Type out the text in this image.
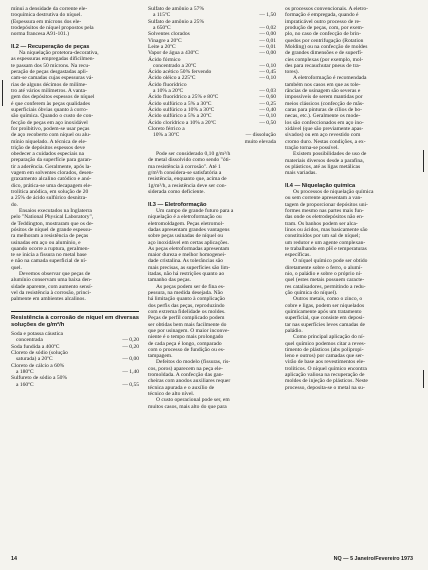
mínui a densidade da corrente ele-
troquímica destrutiva do níquel.
(Espessura em mícrons dos ele-
trodepósitos de níquel propostos pela
norma francesa A91-101.)

II.2 — Recuperação de peças

Na niquelação protetora-decorativa,
as espessuras empregadas dificilmen-
te passam dos 50 mícrons. Na recu-
peração de peças desgastadas apli-
cam-se camadas cujas espessuras vá-
rias de alguns décimos de milíme-
tro até vários milímetros. A vanta-
gem dos depósitos espessos de níquel
é que conferem às peças qualidades
superficiais óbvias quanto à corro-
são química. Quando o custo de con-
fecção de peças em aço inoxidável
for proibitivo, podem-se usar peças
de aço recoberto com níquel ou alu-
mínio niquelado. A técnica de ele-
trição de depósitos espessos deve
obedecer a cuidados especiais na
preparação da superfície para garan-
tir a aderência. Geralmente, após la-
vagem em solventes clorados, desen-
graxamento alcalino catódico e anó-
dico, prática-se uma decapagem ele-
trolítica anódica, em solução de 20
a 25% de ácido sulfúrico desnitra-
do.
Ensaios executados na Inglaterra
pelo "National Physical Laboratory",
de Teddington, mostraram que os de-
pósitos de níquel de grande espessu-
ra melhoram a resistência de peças
usinadas em aço ou alumínio, e
quando ocorre a ruptura, geralmen-
te se inicia a fissura no metal base
e não na camada superficial de ní-
quel.
Devemos observar que peças de
alumínio conservam uma baixa den-
sidade aparente, com aumento sensí-
vel da resistência à corrosão, princi-
palmente em ambientes alcalinos.
Resistência à corrosão de níquel em diversas soluções de g/m²/h
Soda e potassa cáustica
concentrada	— 0,20
Soda fundida a 400ºC	— 0,20
Cloreto de sódio (solução
saturada) a 20ºC	— 0,00
Cloreto de cálcio a 60%
a 180ºC	— 1,40
Sulfureto de sódio a 50%
a 160ºC	— 0,55
Sulfato de amônio a 57%
a 115ºC	— 1,50
Sulfato de amônio a 25%
a 650ºC	— 0,02
Solventes clorados	— 0,00
Vinagre a 20ºC	— 0,01
Leite a 20ºC	— 0,01
Vapor de água a 430ºC	— 0,00
Ácido fórmico
concentrado a 20ºC	— 0,10
Ácido acético 50% fervendo	— 0,45
Ácido oléico a 225ºC	— 0,10
Ácido fluorídrico
a 10% a 20ºC	— 0,03
Ácido fluorídrico a 25% e 80ºC	— 0,60
Ácido sulfúrico a 5% a 30ºC	— 0,25
Ácido sulfúrico a 10% a 30ºC	— 0,40
Ácido sulfúrico a 5% a 20ºC	— 0,10
Ácido clorídrico a 10% a 20ºC	— 0,50
Cloreto férrico a
10% a 30ºC	— dissolução
muito elevada
Pode ser considerado 0,10 g/m²/h
de metal dissolvido como sendo "óti-
ma resistência à corrosão". Até 1
g/m²/h considera-se satisfatória a
resistência, enquanto que, acima de
1g/m²/h, a resistência deve ser con-
siderada como deficiente.

II.3 — Eletroformação

Um campo de grande futuro para a
niquelação é a eletroformação ou
eletromoldagem. Peças eletromol-
dadas apresentam grandes vantagens
sobre peças usinadas de níquel ou
aço inoxidável em certas aplicações.
As peças eletroformadas apresentam
maior dureza e melhor homogenei-
dade cristalina. As tolerâncias são
mais precisas, as superfícies são lim-
itadas, não há restrições quanto ao
tamanho das peças.
As peças podem ser de fina es-
pessura, na medida desejada. Não
há limitação quanto à complicação
dos perfis das peças, reproduzindo
com extrema fidelidade os moldes.
Peças de perfil complicado podem
ser obtidas bem mais facilmente do
que por usinagem. O maior inconve-
niente é o tempo mais prolongado
de cada peça é longo, comparado
com o processo de fundição ou es-
tampagem.
Defeitos do modelo (fissuras, ris-
cos, poros) aparecem na peça ele-
tromoldada. A confecção das gan-
cheiras com anodos auxiliares requer
técnica apurada e o auxílio de
técnico de alto nível.
O custo operacional pode ser, em
muitos casos, mais alto do que para
os processos convencionais. A eletro-
formação é empregada, quando é
impraticável outro processo de re-
produção de peças, com, por exem-
plo, no caso de confecção de brin-
quedos por centrifugação (Rotation
Molding) ou na confecção de moldes
de grandes dimensões e de superfí-
cies complexas (por exemplo, mol-
des para recauchutar pneus de tra-
tores).
A eletroformação é recomendada
também nos casos em que as tole-
râncias de usinagem são severas e
impossíveis de serem mantidas por
meios clássicos (confecção de mãs-
caras para pinturas de cílios de bo-
necas, etc.). Geralmente os mode-
los são confeccionados em aço ino-
xidável (que são previamente apas-
sivados) ou em aço revestido com
cromo duro. Nestas condições, a ex-
tração torna-se possível.
Existem possibilidades de uso de
materiais diversos desde a parafina,
os plásticos, até as ligas metálicas
mais variadas.

II.4 — Niquelação química

Os processos de niquelação química
ou sem corrente apresentam a van-
tagem de proporcionar depósitos uni-
formes mesmo nas partes mais fun-
das onde os eletrodepósitos não en-
tram. Os banhos podem ser alca-
linos ou ácidos, mas basicamente são
constituídos por um sal de níquel;
um redutor e um agente complexan-
te trabalhando em pH e temperaturas
específicas.
O níquel químico pode ser obtido
diretamente sobre o ferro, o alumí-
nio, o paládio e sobre o próprio ní-
quel (estes metais possuem caracte-
res catalisadores, permitindo a redu-
ção química do níquel).
Outros metais, como o zinco, o
cobre e ligas, podem ser niquelados
quimicamente após um tratamento
superficial, que consiste em deposi-
tar nas superfícies leves camadas de
paládio.
Como principal aplicação do ní-
quel químico podemos citar a reves-
timento de plásticos (abs polipropi-
leno e outros) por camadas que ser-
virão de base aos revestimentos ele-
trolíticos. O níquel químico encontra
aplicação valiosa na recuperação de
moldes de injeção de plásticos. Neste
processo, deposita-se o metal na su-
14	NQ — 5 Janeiro/Fevereiro 1973
